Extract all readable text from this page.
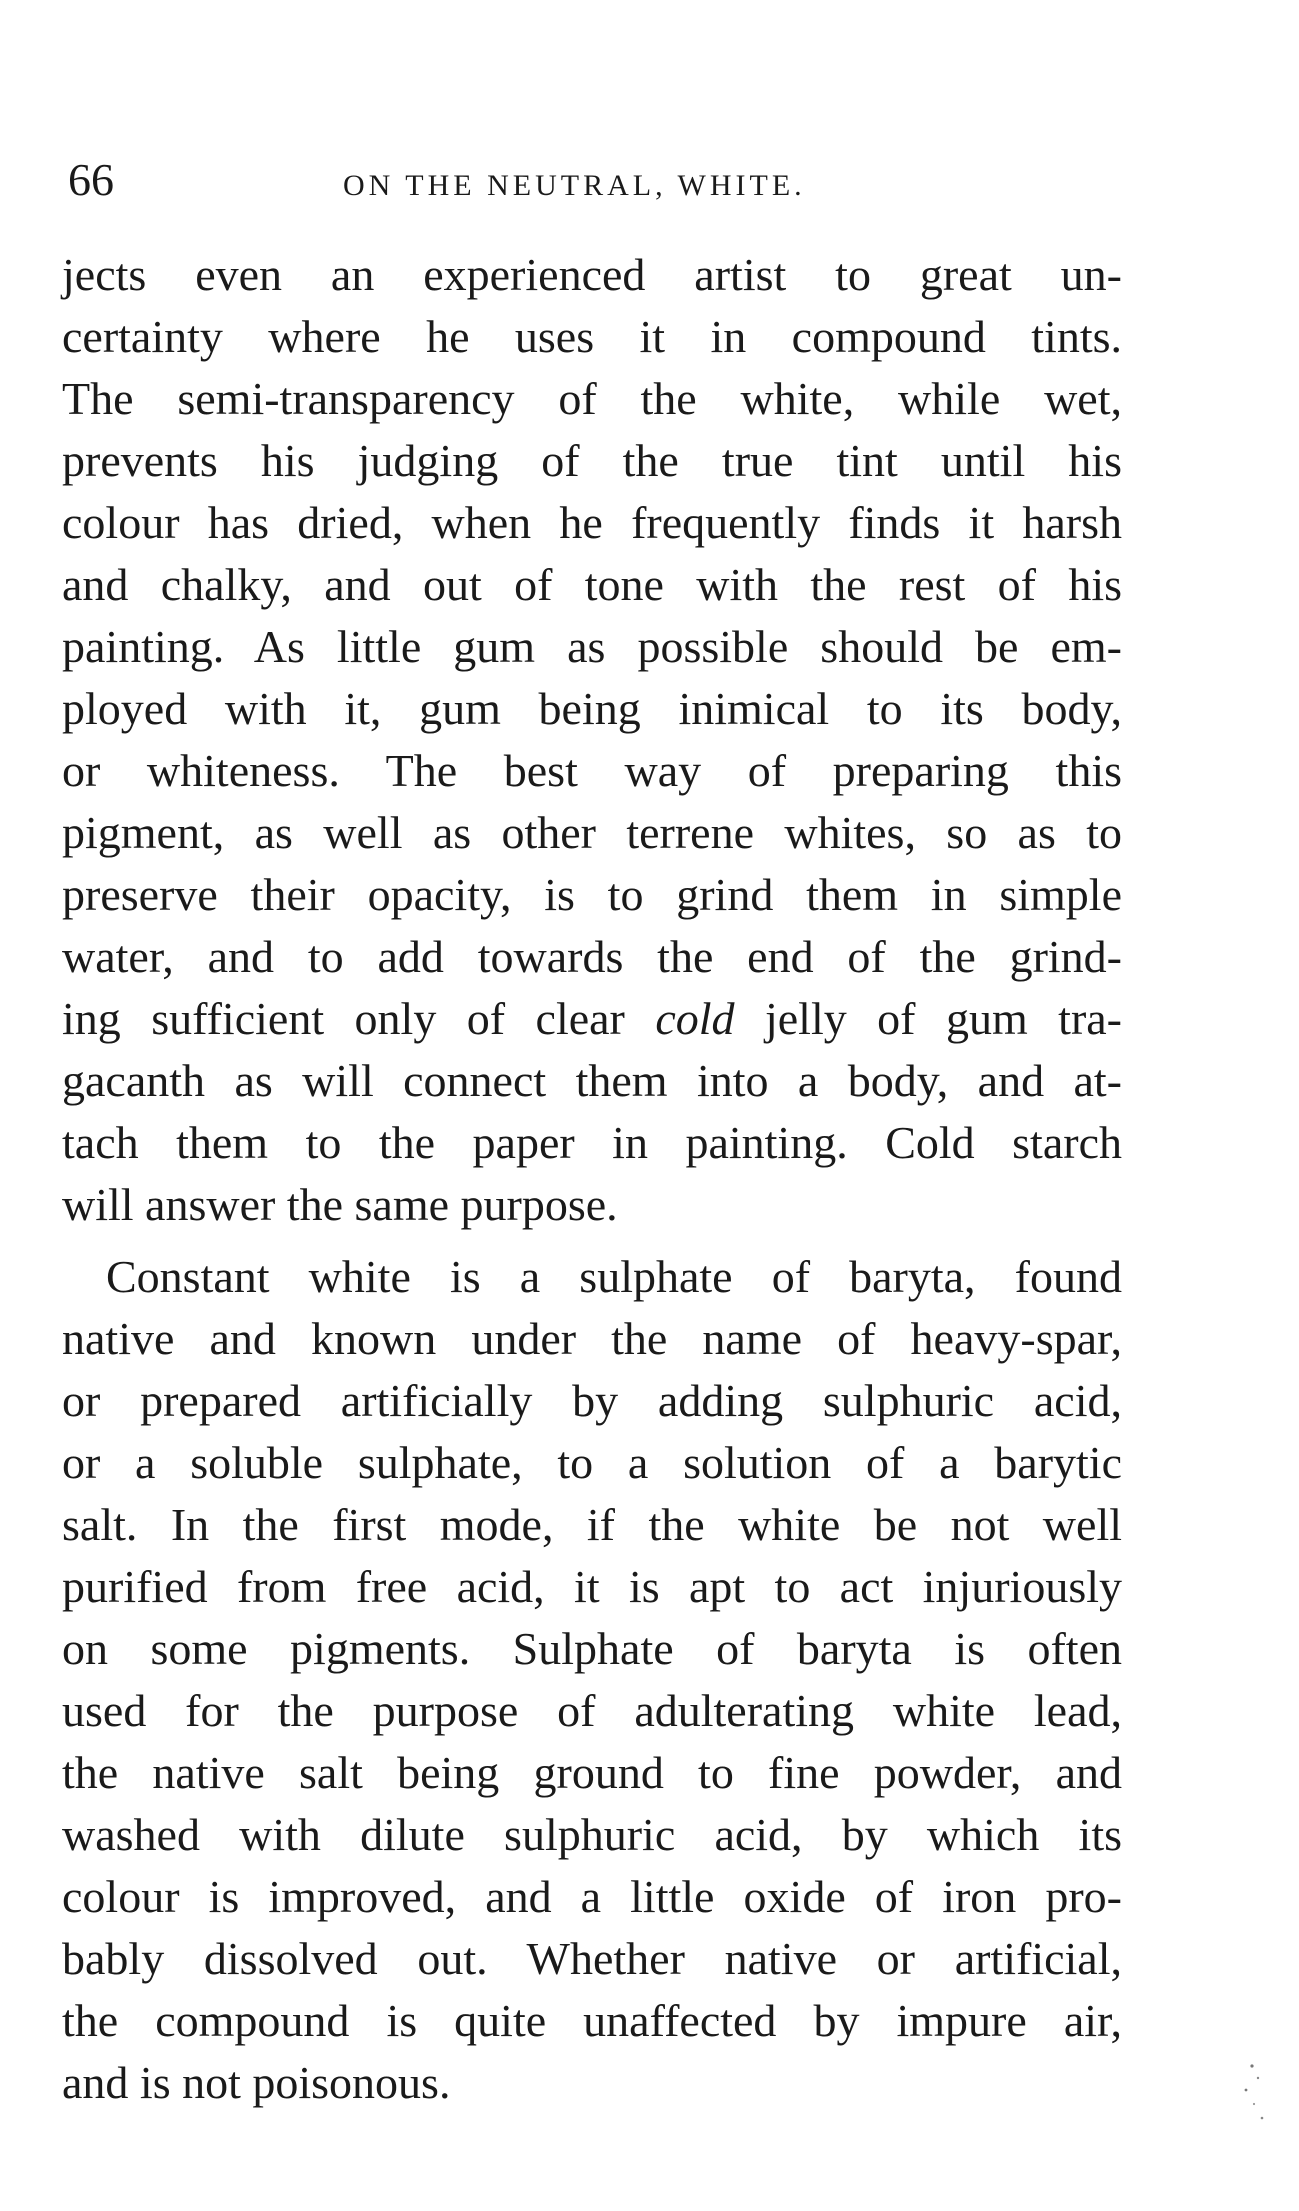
66	ON THE NEUTRAL, WHITE.
jects even an experienced artist to great un-
certainty where he uses it in compound tints.
The semi-transparency of the white, while wet,
prevents his judging of the true tint until his
colour has dried, when he frequently finds it harsh
and chalky, and out of tone with the rest of his
painting. As little gum as possible should be em-
ployed with it, gum being inimical to its body,
or whiteness. The best way of preparing this
pigment, as well as other terrene whites, so as to
preserve their opacity, is to grind them in simple
water, and to add towards the end of the grind-
ing sufficient only of clear cold jelly of gum tra-
gacanth as will connect them into a body, and at-
tach them to the paper in painting. Cold starch
will answer the same purpose.
Constant white is a sulphate of baryta, found
native and known under the name of heavy-spar,
or prepared artificially by adding sulphuric acid,
or a soluble sulphate, to a solution of a barytic
salt. In the first mode, if the white be not well
purified from free acid, it is apt to act injuriously
on some pigments. Sulphate of baryta is often
used for the purpose of adulterating white lead,
the native salt being ground to fine powder, and
washed with dilute sulphuric acid, by which its
colour is improved, and a little oxide of iron pro-
bably dissolved out. Whether native or artificial,
the compound is quite unaffected by impure air,
and is not poisonous.
